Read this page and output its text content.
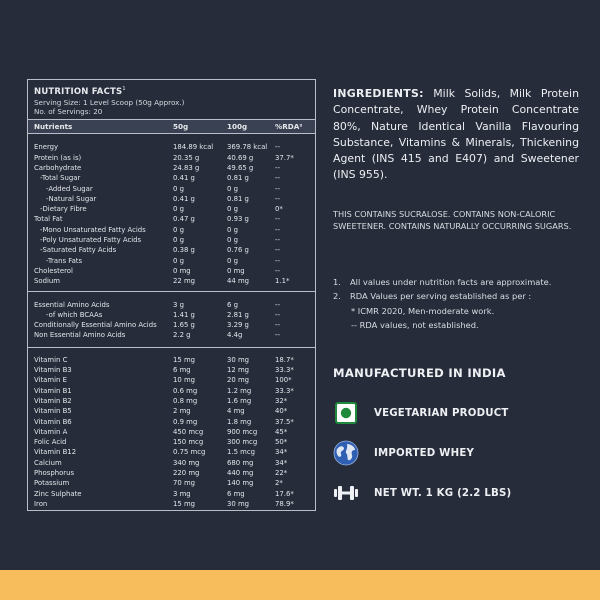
NUTRITION FACTS$^1$
Serving Size: 1 Level Scoop (50g Approx.)
No. of Servings: 20
Nutrients	50g	100g	%RDA²
Energy	184.89 kcal	369.78 kcal	--
Protein (as is)	20.35 g	40.69 g	37.7*
Carbohydrate	24.83 g	49.65 g	--
-Total Sugar	0.41 g	0.81 g	--
-Added Sugar	0 g	0 g	--
-Natural Sugar	0.41 g	0.81 g	--
-Dietary Fibre	0 g	0 g	0*
Total Fat	0.47 g	0.93 g	--
-Mono Unsaturated Fatty Acids	0 g	0 g	--
-Poly Unsaturated Fatty Acids	0 g	0 g	--
-Saturated Fatty Acids	0.38 g	0.76 g	--
-Trans Fats	0 g	0 g	--
Cholesterol	0 mg	0 mg	--
Sodium	22 mg	44 mg	1.1*
Essential Amino Acids	3 g	6 g	--
-of which BCAAs	1.41 g	2.81 g	--
Conditionally Essential Amino Acids	1.65 g	3.29 g	--
Non Essential Amino Acids	2.2 g	4.4g	--
Vitamin C	15 mg	30 mg	18.7*
Vitamin B3	6 mg	12 mg	33.3*
Vitamin E	10 mg	20 mg	100*
Vitamin B1	0.6 mg	1.2 mg	33.3*
Vitamin B2	0.8 mg	1.6 mg	32*
Vitamin B5	2 mg	4 mg	40*
Vitamin B6	0.9 mg	1.8 mg	37.5*
Vitamin A	450 mcg	900 mcg	45*
Folic Acid	150 mcg	300 mcg	50*
Vitamin B12	0.75 mcg	1.5 mcg	34*
Calcium	340 mg	680 mg	34*
Phosphorus	220 mg	440 mg	22*
Potassium	70 mg	140 mg	2*
Zinc Sulphate	3 mg	6 mg	17.6*
Iron	15 mg	30 mg	78.9*

INGREDIENTS: Milk Solids, Milk Protein Concentrate, Whey Protein Concentrate 80%, Nature Identical Vanilla Flavouring Substance, Vitamins & Minerals, Thickening Agent (INS 415 and E407) and Sweetener (INS 955).

THIS CONTAINS SUCRALOSE. CONTAINS NON-CALORIC SWEETENER. CONTAINS NATURALLY OCCURRING SUGARS.

1.	All values under nutrition facts are approximate.
2.	RDA Values per serving established as per :
* ICMR 2020, Men-moderate work.
-- RDA values, not established.
MANUFACTURED IN INDIA
VEGETARIAN PRODUCT
IMPORTED WHEY
NET WT. 1 KG (2.2 LBS)
